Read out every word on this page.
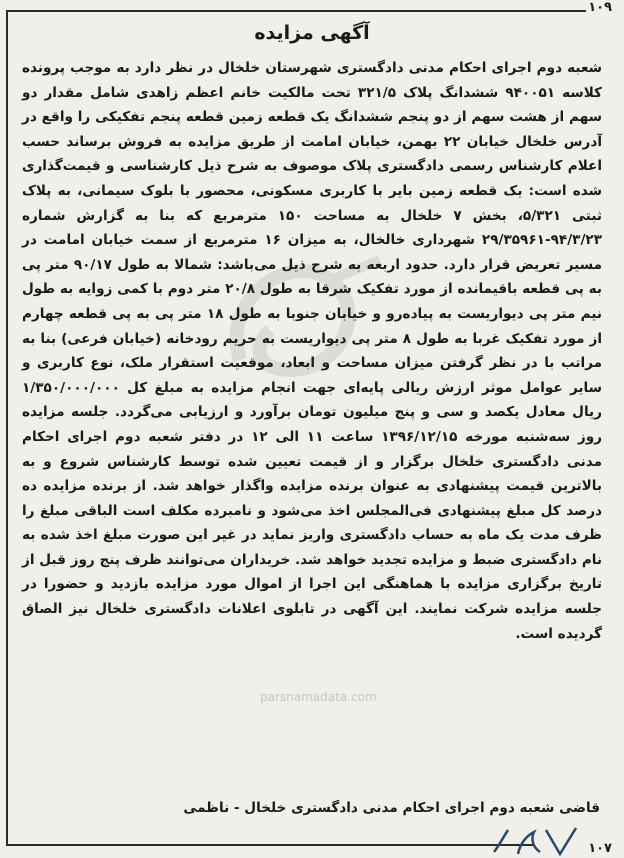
۱۰۹
parsnamadata.com
آگهی مزایده
شعبه دوم اجرای احکام مدنی دادگستری شهرستان خلخال در نظر دارد به موجب پرونده کلاسه ۹۴۰۰۵۱ ششدانگ پلاک ۳۲۱/۵ تحت مالکیت خانم اعظم زاهدی شامل مقدار دو سهم از هشت سهم از دو پنجم ششدانگ یک قطعه زمین قطعه پنجم تفکیکی را واقع در آدرس خلخال خیابان ۲۲ بهمن، خیابان امامت از طریق مزایده به فروش برساند حسب اعلام کارشناس رسمی دادگستری پلاک موصوف به شرح ذیل کارشناسی و قیمت‌گذاری شده است: یک قطعه زمین بایر با کاربری مسکونی، محصور با بلوک سیمانی، به پلاک ثبتی ۵/۳۲۱، بخش ۷ خلخال به مساحت ۱۵۰ مترمربع که بنا به گزارش شماره ۹۴/۳/۲۳-۲۹/۳۵۹۶۱ شهرداری خالخال، به میزان ۱۶ مترمربع از سمت خیابان امامت در مسیر تعریض قرار دارد. حدود اربعه به شرح ذیل می‌باشد: شمالا به طول ۹۰/۱۷ متر پی به پی قطعه باقیمانده از مورد تفکیک شرقا به طول ۲۰/۸ متر دوم با کمی زوایه به طول نیم متر پی دیواریست به پیاده‌رو و خیابان جنوبا به طول ۱۸ متر پی به پی قطعه چهارم از مورد تفکیک غربا به طول ۸ متر پی دیواریست به حریم رودخانه (خیابان فرعی) بنا به مراتب با در نظر گرفتن میزان مساحت و ابعاد، موقعیت استقرار ملک، نوع کاربری و سایر عوامل موثر ارزش ریالی پایه‌ای جهت انجام مزایده به مبلغ کل ۱/۳۵۰/۰۰۰/۰۰۰ ریال معادل یکصد و سی و پنج میلیون تومان برآورد و ارزیابی می‌گردد. جلسه مزایده روز سه‌شنبه مورخه ۱۳۹۶/۱۲/۱۵ ساعت ۱۱ الی ۱۲ در دفتر شعبه دوم اجرای احکام مدنی دادگستری خلخال برگزار و از قیمت تعیین شده توسط کارشناس شروع و به بالاترین قیمت پیشنهادی به عنوان برنده مزایده واگذار خواهد شد. از برنده مزایده ده درصد کل مبلغ پیشنهادی فی‌المجلس اخذ می‌شود و نامبرده مکلف است الباقی مبلغ را ظرف مدت یک ماه به حساب دادگستری واریز نماید در غیر این صورت مبلغ اخذ شده به نام دادگستری ضبط و مزایده تجدید خواهد شد. خریداران می‌توانند ظرف پنج روز قبل از تاریخ برگزاری مزایده با هماهنگی این اجرا از اموال مورد مزایده بازدید و حضورا در جلسه مزایده شرکت نمایند. این آگهی در تابلوی اعلانات دادگستری خلخال نیز الصاق گردیده است.
قاضی شعبه دوم اجرای احکام مدنی دادگستری خلخال - ناظمی
۱۰۷
